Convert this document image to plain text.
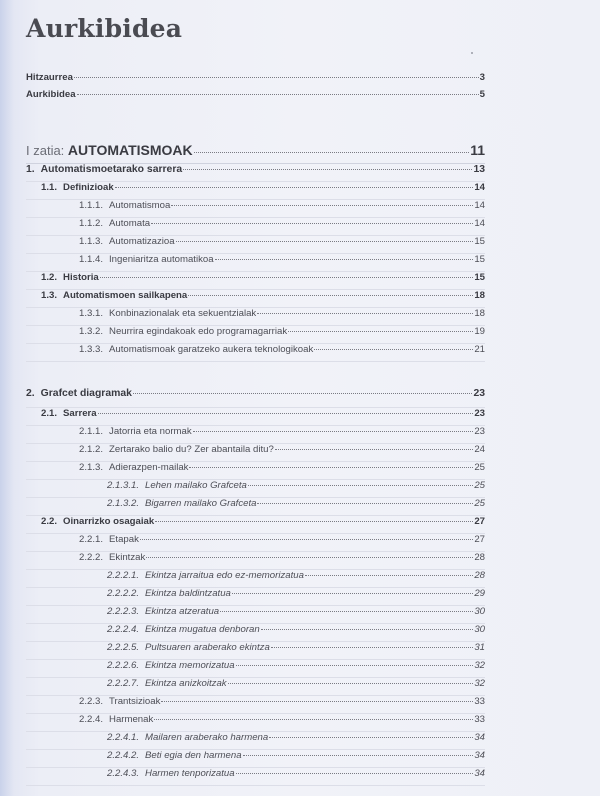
Aurkibidea
Hitzaurrea	3
Aurkibidea	5
I zatia: AUTOMATISMOAK	11
1. Automatismoetarako sarrera	13
1.1. Definizioak	14
1.1.1. Automatismoa	14
1.1.2. Automata	14
1.1.3. Automatizazioa	15
1.1.4. Ingeniaritza automatikoa	15
1.2. Historia	15
1.3. Automatismoen sailkapena	18
1.3.1. Konbinazionalak eta sekuentzialak	18
1.3.2. Neurrira egindakoak edo programagarriak	19
1.3.3. Automatismoak garatzeko aukera teknologikoak	21
2. Grafcet diagramak	23
2.1. Sarrera	23
2.1.1. Jatorria eta normak	23
2.1.2. Zertarako balio du? Zer abantaila ditu?	24
2.1.3. Adierazpen-mailak	25
2.1.3.1. Lehen mailako Grafceta	25
2.1.3.2. Bigarren mailako Grafceta	25
2.2. Oinarrizko osagaiak	27
2.2.1. Etapak	27
2.2.2. Ekintzak	28
2.2.2.1. Ekintza jarraitua edo ez-memorizatua	28
2.2.2.2. Ekintza baldintzatua	29
2.2.2.3. Ekintza atzeratua	30
2.2.2.4. Ekintza mugatua denboran	30
2.2.2.5. Pultsuaren araberako ekintza	31
2.2.2.6. Ekintza memorizatua	32
2.2.2.7. Ekintza anizkoitzak	32
2.2.3. Trantsizioak	33
2.2.4. Harmenak	33
2.2.4.1. Mailaren araberako harmena	34
2.2.4.2. Beti egia den harmena	34
2.2.4.3. Harmen tenporizatua	34
